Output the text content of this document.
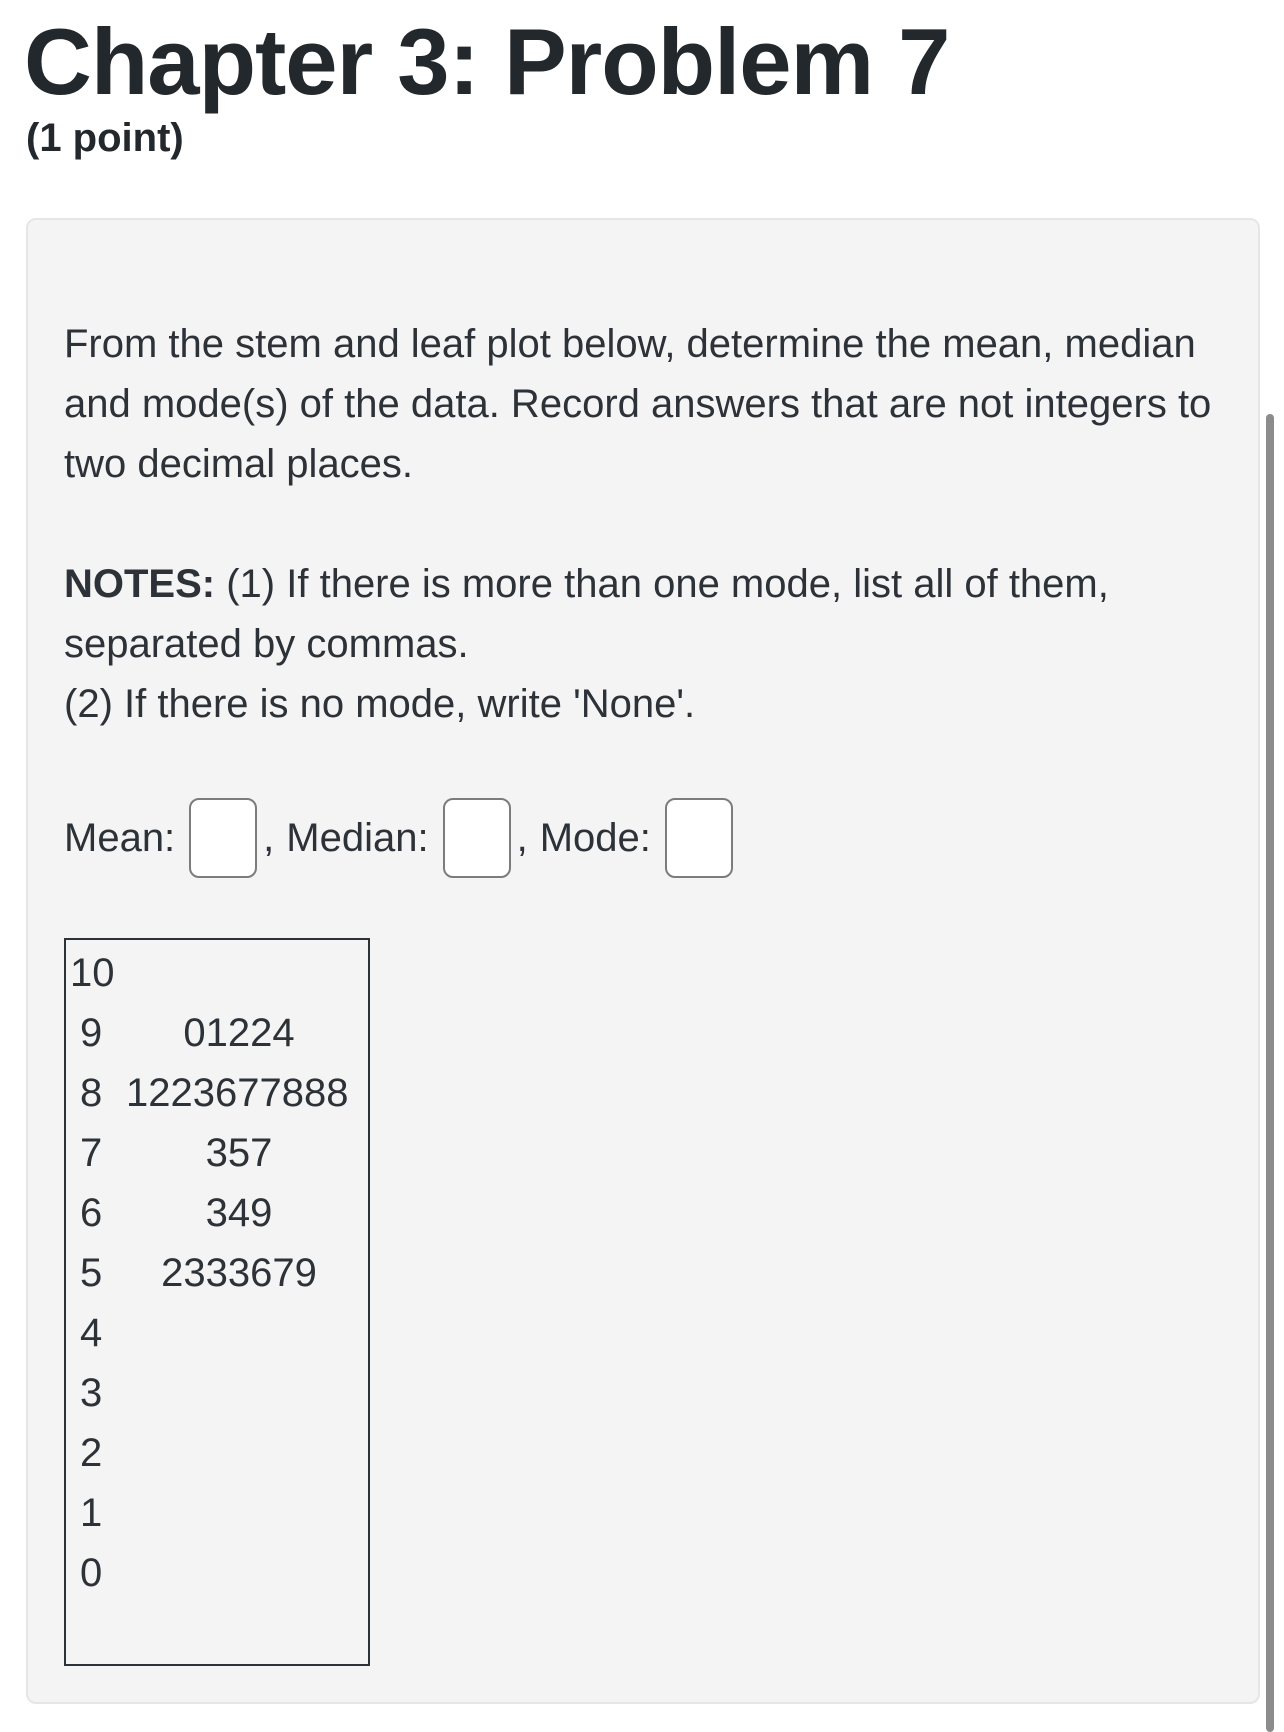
Chapter 3: Problem 7
(1 point)
From the stem and leaf plot below, determine the mean, median and mode(s) of the data. Record answers that are not integers to two decimal places.
NOTES: (1) If there is more than one mode, list all of them, separated by commas.
(2) If there is no mode, write 'None'.
Mean: , Median: , Mode:
10
9	01224
8 1223677888
7	357
6	349
5	2333679
4
3
2
1
0
